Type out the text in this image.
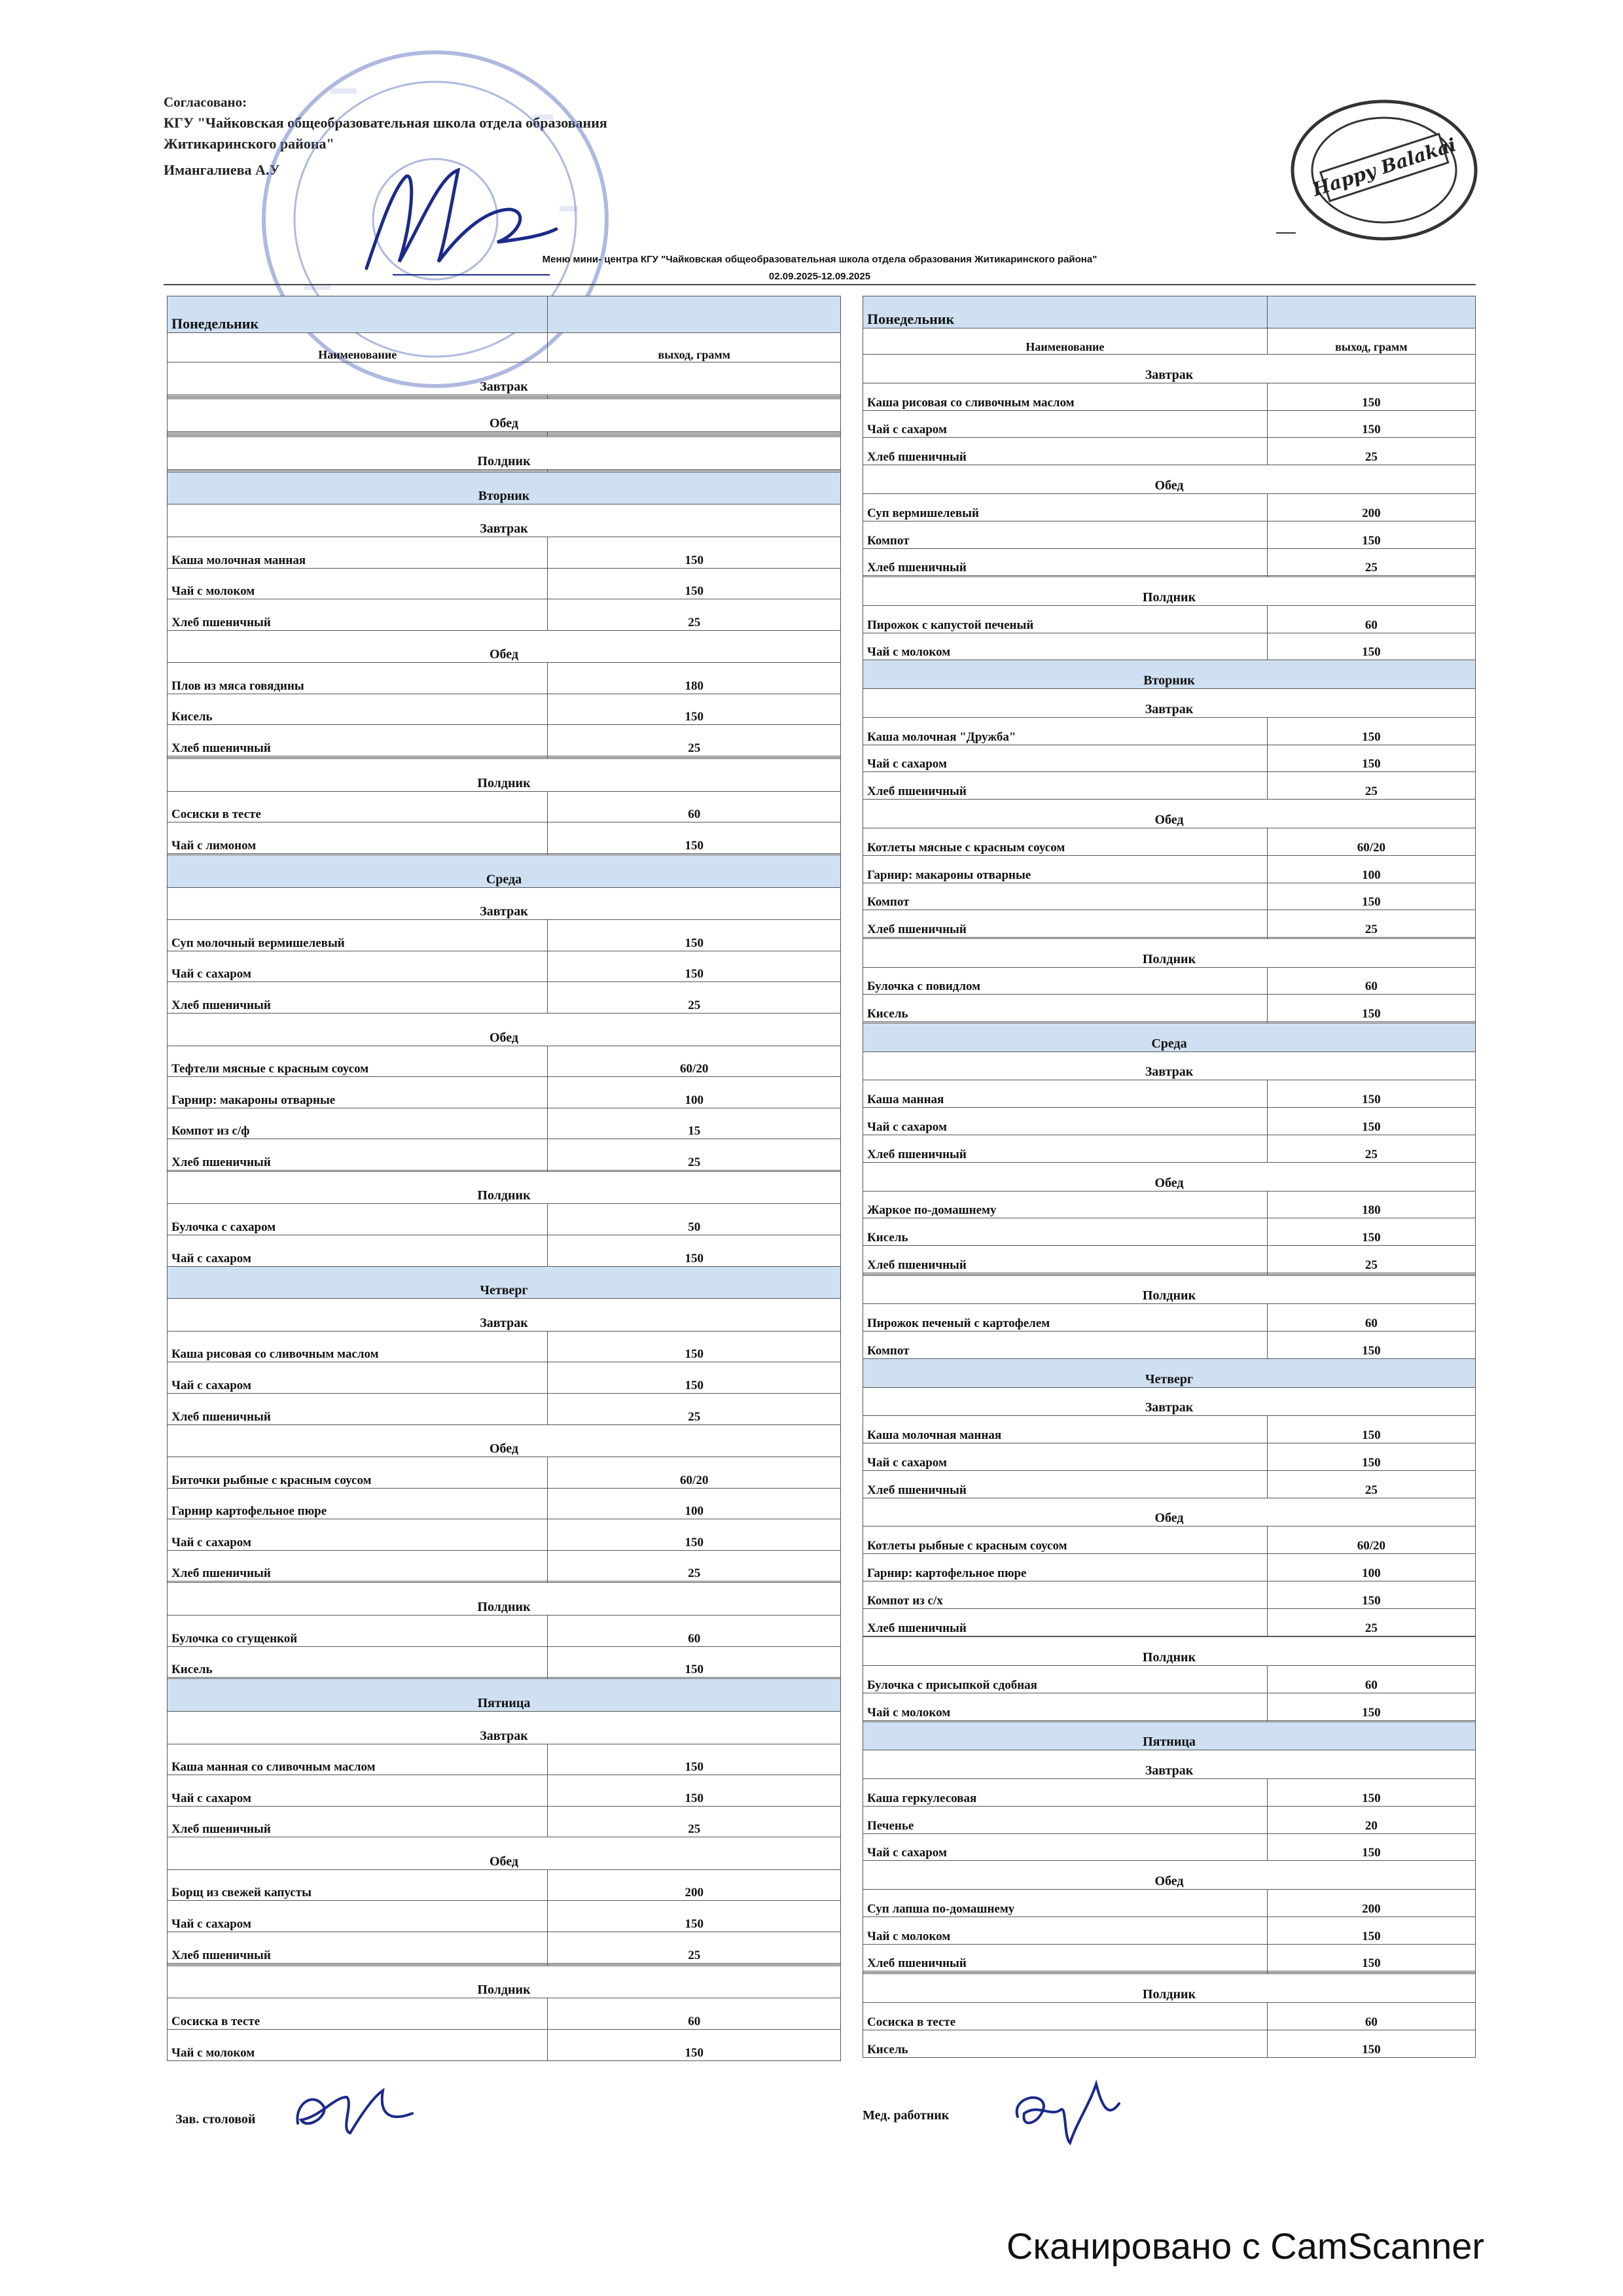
Согласовано:
КГУ "Чайковская общеобразовательная школа отдела образования
Житикаринского района"
Имангалиева А.У	Happy Balakai
Меню мини- центра КГУ "Чайковская общеобразовательная школа отдела образования Житикаринского района"
02.09.2025-12.09.2025
Понедельник	
Наименование	выход, грамм
Завтрак	

Обед	

Полдник	

Вторник	
Завтрак	
Каша молочная манная	150
Чай с молоком	150
Хлеб пшеничный	25
Обед	
Плов из мяса говядины	180
Кисель	150
Хлеб пшеничный	25

Полдник	
Сосиски в тесте	60
Чай с лимоном	150

Среда	
Завтрак	
Суп молочный вермишелевый	150
Чай с сахаром	150
Хлеб пшеничный	25
Обед	
Тефтели мясные с красным соусом	60/20
Гарнир: макароны отварные	100
Компот из с/ф	15
Хлеб пшеничный	25

Полдник	
Булочка с сахаром	50
Чай с сахаром	150
Четверг	
Завтрак	
Каша рисовая со сливочным маслом	150
Чай с сахаром	150
Хлеб пшеничный	25
Обед	
Биточки рыбные с красным соусом	60/20
Гарнир картофельное пюре	100
Чай с сахаром	150
Хлеб пшеничный	25

Полдник	
Булочка со сгущенкой	60
Кисель	150

Пятница	
Завтрак	
Каша манная со сливочным маслом	150
Чай с сахаром	150
Хлеб пшеничный	25
Обед	
Борщ из свежей капусты	200
Чай с сахаром	150
Хлеб пшеничный	25

Полдник	
Сосиска в тесте	60
Чай с молоком	150
Понедельник	
Наименование	выход, грамм
Завтрак	
Каша рисовая со сливочным маслом	150
Чай с сахаром	150
Хлеб пшеничный	25
Обед	
Суп вермишелевый	200
Компот	150
Хлеб пшеничный	25

Полдник	
Пирожок с капустой печеный	60
Чай с молоком	150
Вторник	
Завтрак	
Каша молочная "Дружба"	150
Чай с сахаром	150
Хлеб пшеничный	25
Обед	
Котлеты мясные с красным соусом	60/20
Гарнир: макароны отварные	100
Компот	150
Хлеб пшеничный	25

Полдник	
Булочка с повидлом	60
Кисель	150

Среда	
Завтрак	
Каша манная	150
Чай с сахаром	150
Хлеб пшеничный	25
Обед	
Жаркое по-домашнему	180
Кисель	150
Хлеб пшеничный	25

Полдник	
Пирожок печеный с картофелем	60
Компот	150
Четверг	
Завтрак	
Каша молочная манная	150
Чай с сахаром	150
Хлеб пшеничный	25
Обед	
Котлеты рыбные с красным соусом	60/20
Гарнир: картофельное пюре	100
Компот из с/х	150
Хлеб пшеничный	25

Полдник	
Булочка с присыпкой сдобная	60
Чай с молоком	150

Пятница	
Завтрак	
Каша геркулесовая	150
Печенье	20
Чай с сахаром	150
Обед	
Суп лапша по-домашнему	200
Чай с молоком	150
Хлеб пшеничный	150

Полдник	
Сосиска в тесте	60
Кисель	150
Зав. столовой	Мед. работник
Сканировано с CamScanner
